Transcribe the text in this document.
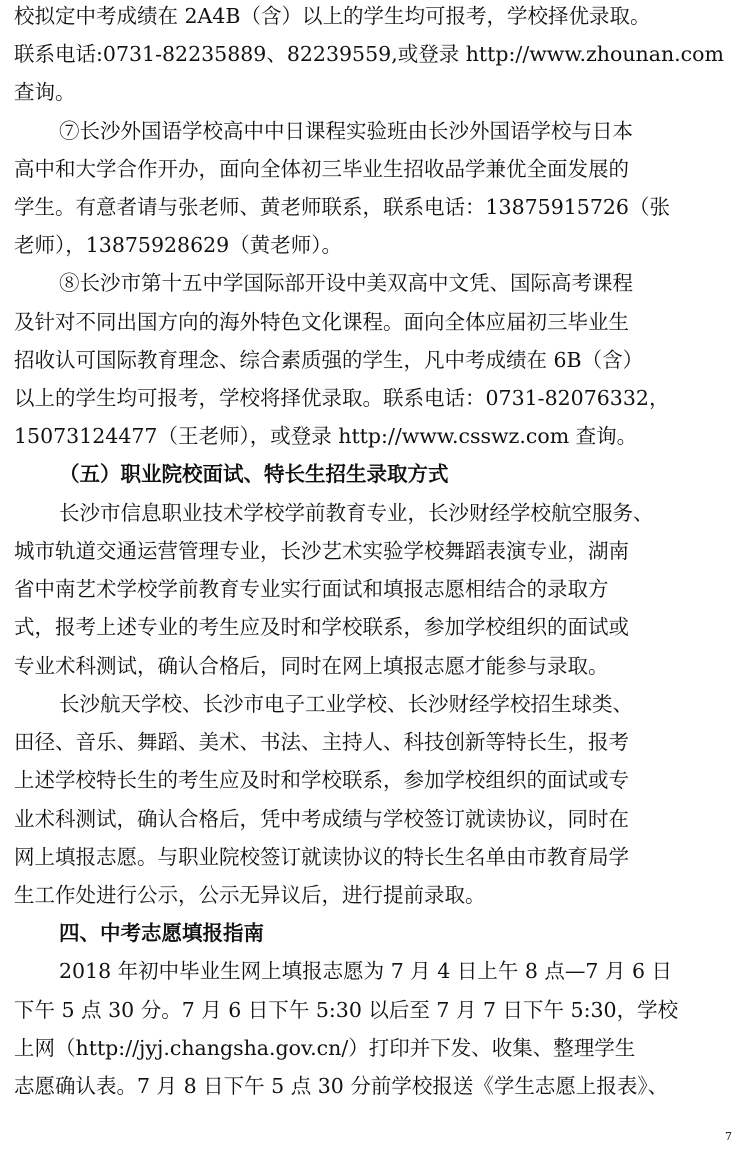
校拟定中考成绩在 2A4B（含）以上的学生均可报考，学校择优录取。
联系电话:0731-82235889、82239559,或登录 http://www.zhounan.com
查询。
⑦长沙外国语学校高中中日课程实验班由长沙外国语学校与日本
高中和大学合作开办，面向全体初三毕业生招收品学兼优全面发展的
学生。有意者请与张老师、黄老师联系，联系电话：13875915726（张
老师），13875928629（黄老师）。
⑧长沙市第十五中学国际部开设中美双高中文凭、国际高考课程
及针对不同出国方向的海外特色文化课程。面向全体应届初三毕业生
招收认可国际教育理念、综合素质强的学生，凡中考成绩在 6B（含）
以上的学生均可报考，学校将择优录取。联系电话：0731-82076332，
15073124477（王老师），或登录 http://www.csswz.com 查询。
（五）职业院校面试、特长生招生录取方式
长沙市信息职业技术学校学前教育专业，长沙财经学校航空服务、
城市轨道交通运营管理专业，长沙艺术实验学校舞蹈表演专业，湖南
省中南艺术学校学前教育专业实行面试和填报志愿相结合的录取方
式，报考上述专业的考生应及时和学校联系，参加学校组织的面试或
专业术科测试，确认合格后，同时在网上填报志愿才能参与录取。
长沙航天学校、长沙市电子工业学校、长沙财经学校招生球类、
田径、音乐、舞蹈、美术、书法、主持人、科技创新等特长生，报考
上述学校特长生的考生应及时和学校联系，参加学校组织的面试或专
业术科测试，确认合格后，凭中考成绩与学校签订就读协议，同时在
网上填报志愿。与职业院校签订就读协议的特长生名单由市教育局学
生工作处进行公示，公示无异议后，进行提前录取。
四、中考志愿填报指南
2018 年初中毕业生网上填报志愿为 7 月 4 日上午 8 点—7 月 6 日
下午 5 点 30 分。7 月 6 日下午 5:30 以后至 7 月 7 日下午 5:30，学校
上网（http://jyj.changsha.gov.cn/）打印并下发、收集、整理学生
志愿确认表。7 月 8 日下午 5 点 30 分前学校报送《学生志愿上报表》、
7
